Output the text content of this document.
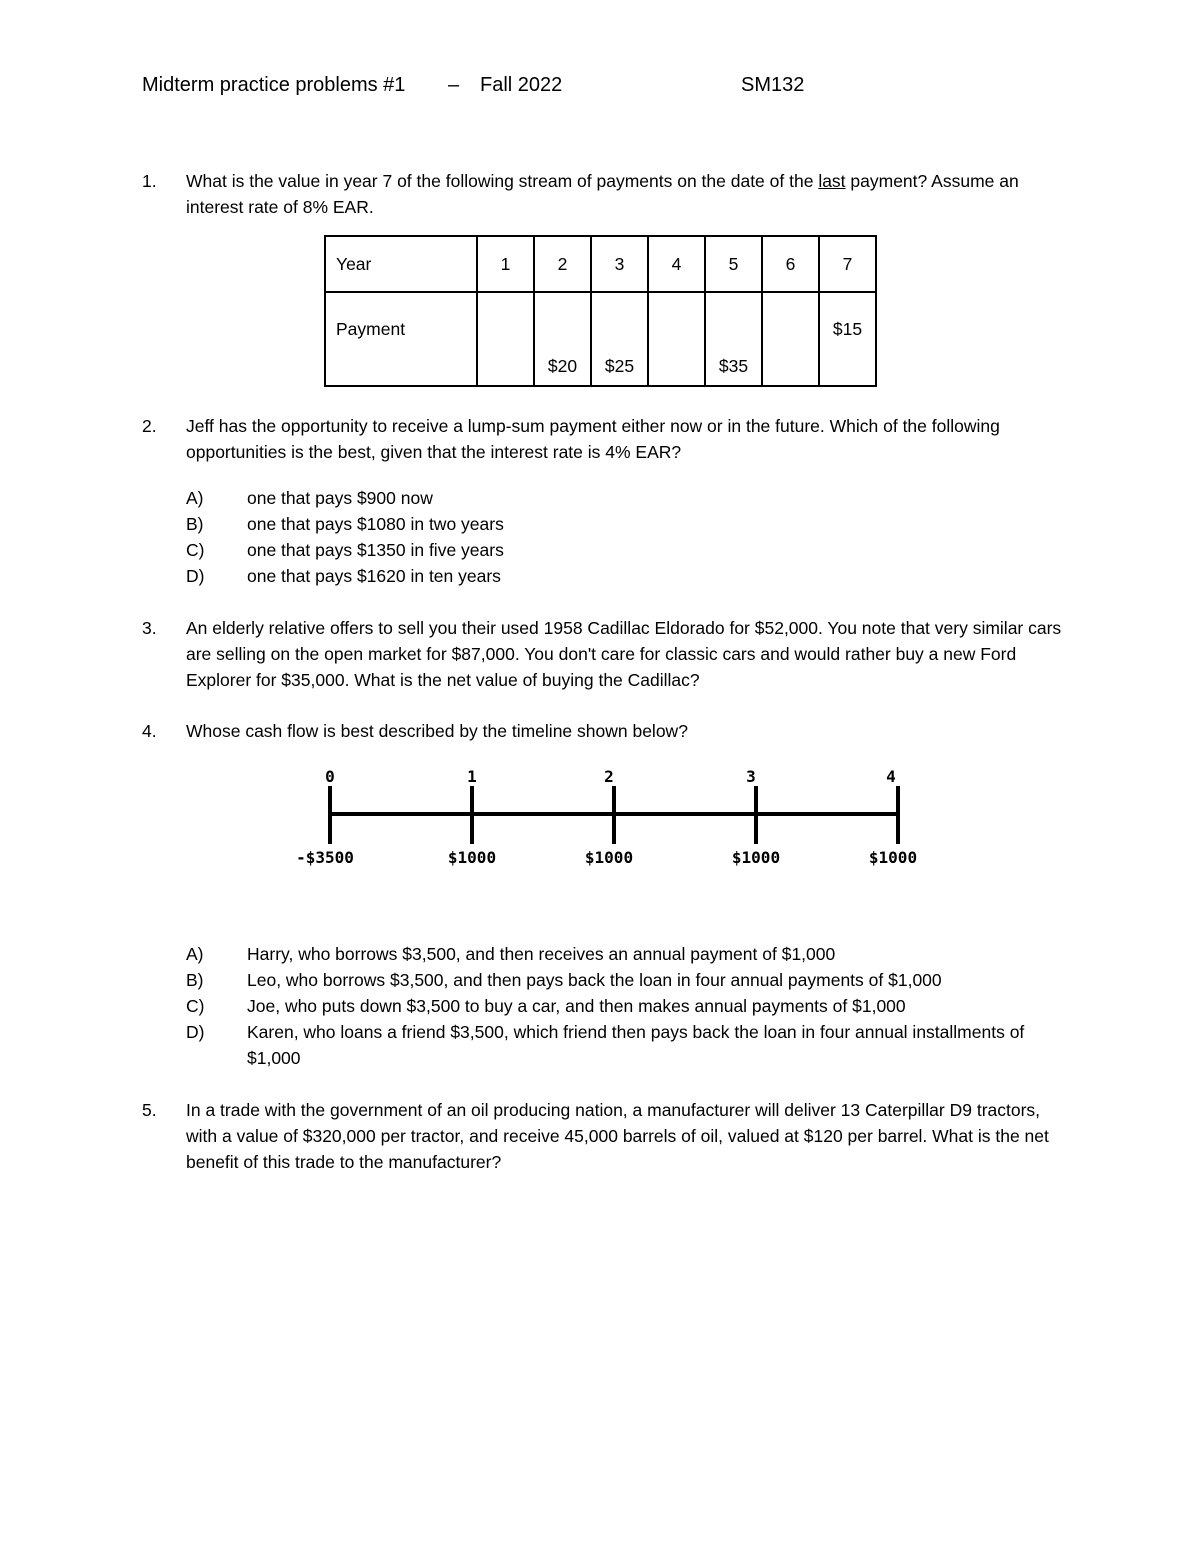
Midterm practice problems #1 – Fall 2022	SM132
1. What is the value in year 7 of the following stream of payments on the date of the last payment? Assume an interest rate of 8% EAR.
Year	1	2	3	4	5	6	7
Payment		$20	$25		$35		$15
2. Jeff has the opportunity to receive a lump-sum payment either now or in the future. Which of the following opportunities is the best, given that the interest rate is 4% EAR?
A) one that pays $900 now
B) one that pays $1080 in two years
C) one that pays $1350 in five years
D) one that pays $1620 in ten years
3. An elderly relative offers to sell you their used 1958 Cadillac Eldorado for $52,000. You note that very similar cars are selling on the open market for $87,000. You don't care for classic cars and would rather buy a new Ford Explorer for $35,000. What is the net value of buying the Cadillac?
4. Whose cash flow is best described by the timeline shown below?
0	1	2	3	4
-$3500	$1000	$1000	$1000	$1000
A) Harry, who borrows $3,500, and then receives an annual payment of $1,000
B) Leo, who borrows $3,500, and then pays back the loan in four annual payments of $1,000
C) Joe, who puts down $3,500 to buy a car, and then makes annual payments of $1,000
D) Karen, who loans a friend $3,500, which friend then pays back the loan in four annual installments of $1,000
5. In a trade with the government of an oil producing nation, a manufacturer will deliver 13 Caterpillar D9 tractors, with a value of $320,000 per tractor, and receive 45,000 barrels of oil, valued at $120 per barrel. What is the net benefit of this trade to the manufacturer?
